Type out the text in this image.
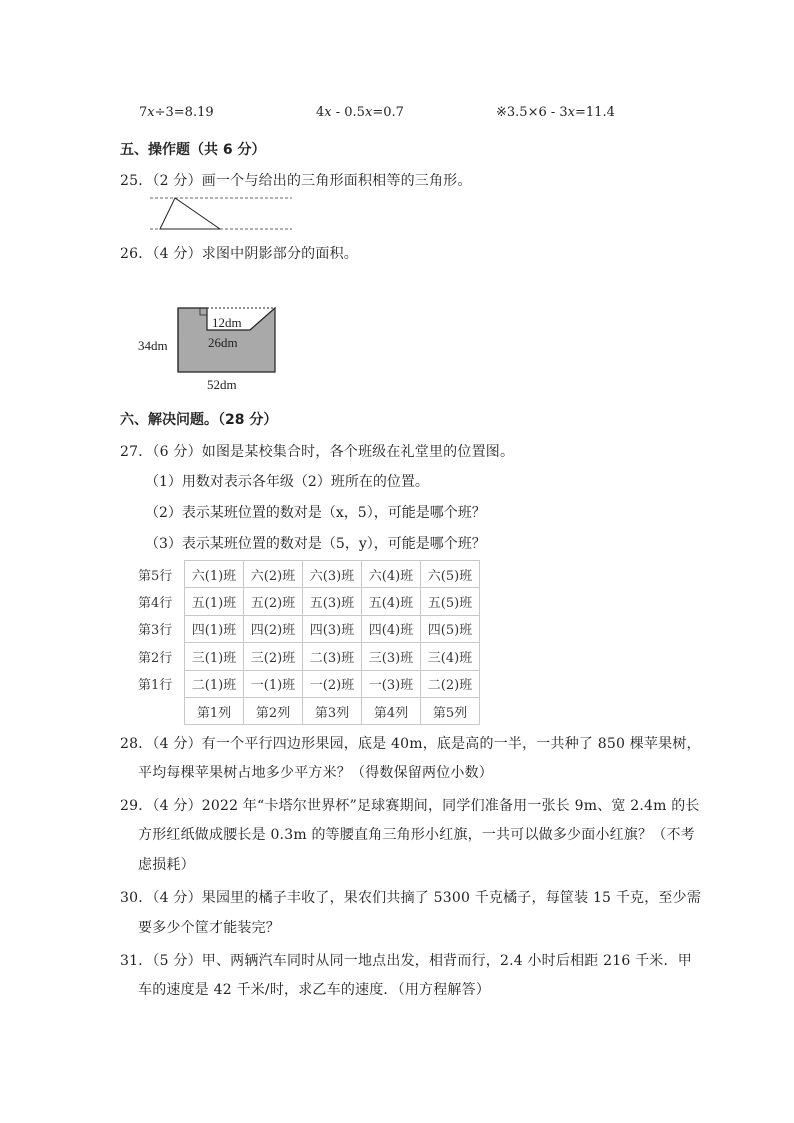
7x÷3=8.19	4x - 0.5x=0.7	※3.5×6 - 3x=11.4
五、操作题（共 6 分）
25．（2 分）画一个与给出的三角形面积相等的三角形。
26．（4 分）求图中阴影部分的面积。
12dm
26dm
34dm
52dm
六、解决问题。（28 分）
27．（6 分）如图是某校集合时，各个班级在礼堂里的位置图。
（1）用数对表示各年级（2）班所在的位置。
（2）表示某班位置的数对是（x，5），可能是哪个班？
（3）表示某班位置的数对是（5，y），可能是哪个班？
第5行	六(1)班	六(2)班	六(3)班	六(4)班	六(5)班
第4行	五(1)班	五(2)班	五(3)班	五(4)班	五(5)班
第3行	四(1)班	四(2)班	四(3)班	四(4)班	四(5)班
第2行	三(1)班	三(2)班	二(3)班	三(3)班	三(4)班
第1行	二(1)班	一(1)班	一(2)班	一(3)班	二(2)班
	第1列	第2列	第3列	第4列	第5列
28．（4 分）有一个平行四边形果园，底是 40m，底是高的一半，一共种了 850 棵苹果树，
平均每棵苹果树占地多少平方米？（得数保留两位小数）
29．（4 分）2022 年“卡塔尔世界杯”足球赛期间，同学们准备用一张长 9m、宽 2.4m 的长
方形红纸做成腰长是 0.3m 的等腰直角三角形小红旗，一共可以做多少面小红旗？（不考
虑损耗）
30．（4 分）果园里的橘子丰收了，果农们共摘了 5300 千克橘子，每筐装 15 千克，至少需
要多少个筐才能装完？
31．（5 分）甲、两辆汽车同时从同一地点出发，相背而行，2.4 小时后相距 216 千米．甲
车的速度是 42 千米/时，求乙车的速度．（用方程解答）
